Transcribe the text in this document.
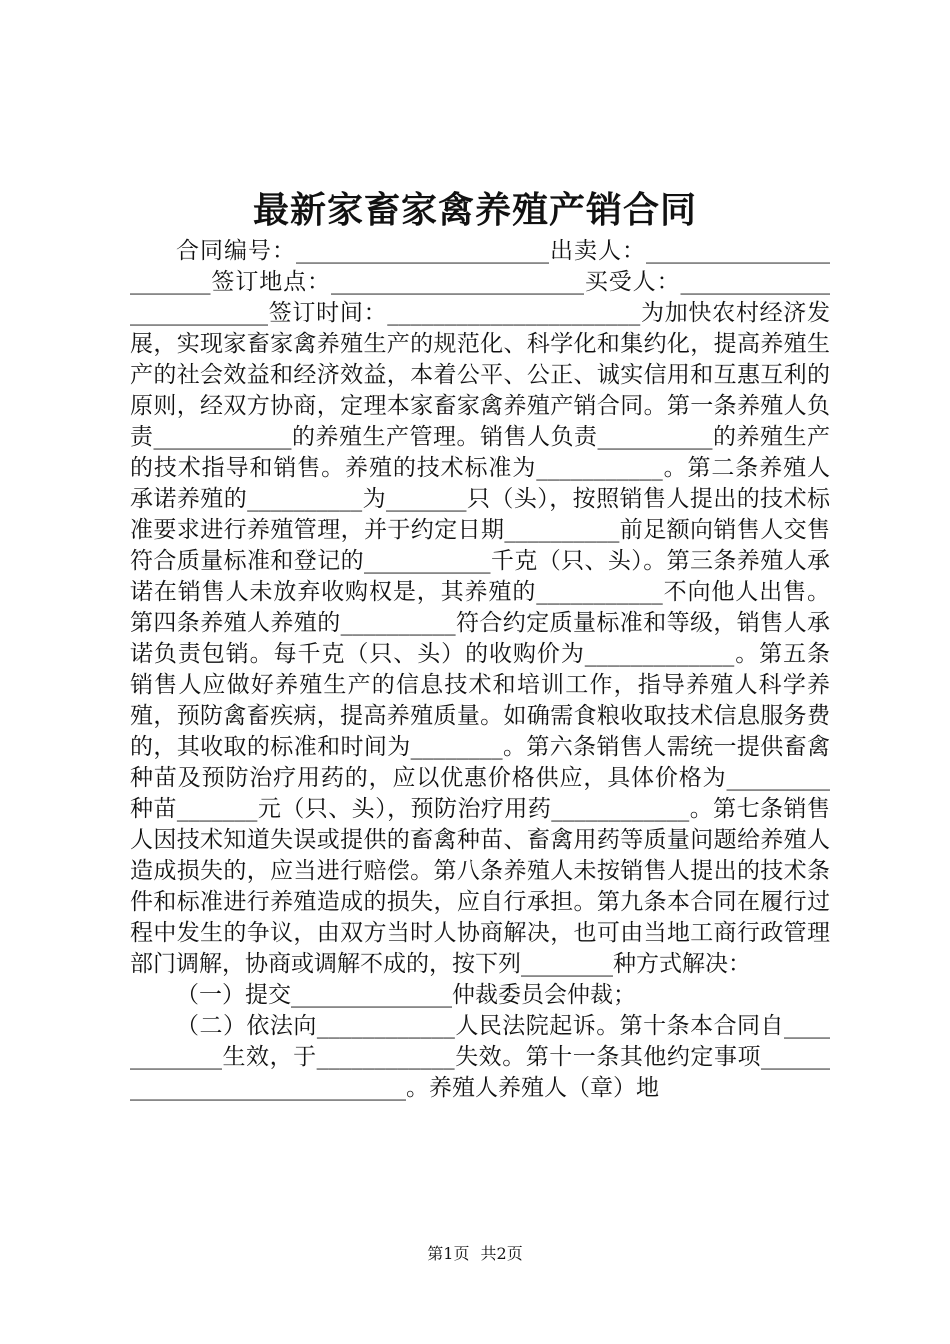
最新家畜家禽养殖产销合同

合同编号：______________________出卖人：_______________________签订地点：______________________买受人：_________________________签订时间：______________________为加快农村经济发展，实现家畜家禽养殖生产的规范化、科学化和集约化，提高养殖生产的社会效益和经济效益，本着公平、公正、诚实信用和互惠互利的原则，经双方协商，定理本家畜家禽养殖产销合同。第一条养殖人负责____________的养殖生产管理。销售人负责__________的养殖生产的技术指导和销售。养殖的技术标准为___________。第二条养殖人承诺养殖的__________为_______只（头），按照销售人提出的技术标准要求进行养殖管理，并于约定日期__________前足额向销售人交售符合质量标准和登记的___________千克（只、头）。第三条养殖人承诺在销售人未放弃收购权是，其养殖的___________不向他人出售。第四条养殖人养殖的__________符合约定质量标准和等级，销售人承诺负责包销。每千克（只、头）的收购价为_____________。第五条销售人应做好养殖生产的信息技术和培训工作，指导养殖人科学养殖，预防禽畜疾病，提高养殖质量。如确需食粮收取技术信息服务费的，其收取的标准和时间为________。第六条销售人需统一提供畜禽种苗及预防治疗用药的，应以优惠价格供应，具体价格为_________种苗_______元（只、头），预防治疗用药____________。第七条销售人因技术知道失误或提供的畜禽种苗、畜禽用药等质量问题给养殖人造成损失的，应当进行赔偿。第八条养殖人未按销售人提出的技术条件和标准进行养殖造成的损失，应自行承担。第九条本合同在履行过程中发生的争议，由双方当时人协商解决，也可由当地工商行政管理部门调解，协商或调解不成的，按下列________种方式解决：

（一）提交______________仲裁委员会仲裁；

（二）依法向____________人民法院起诉。第十条本合同自____________生效，于____________失效。第十一条其他约定事项______________________________。养殖人养殖人（章）地

第1页 共2页
